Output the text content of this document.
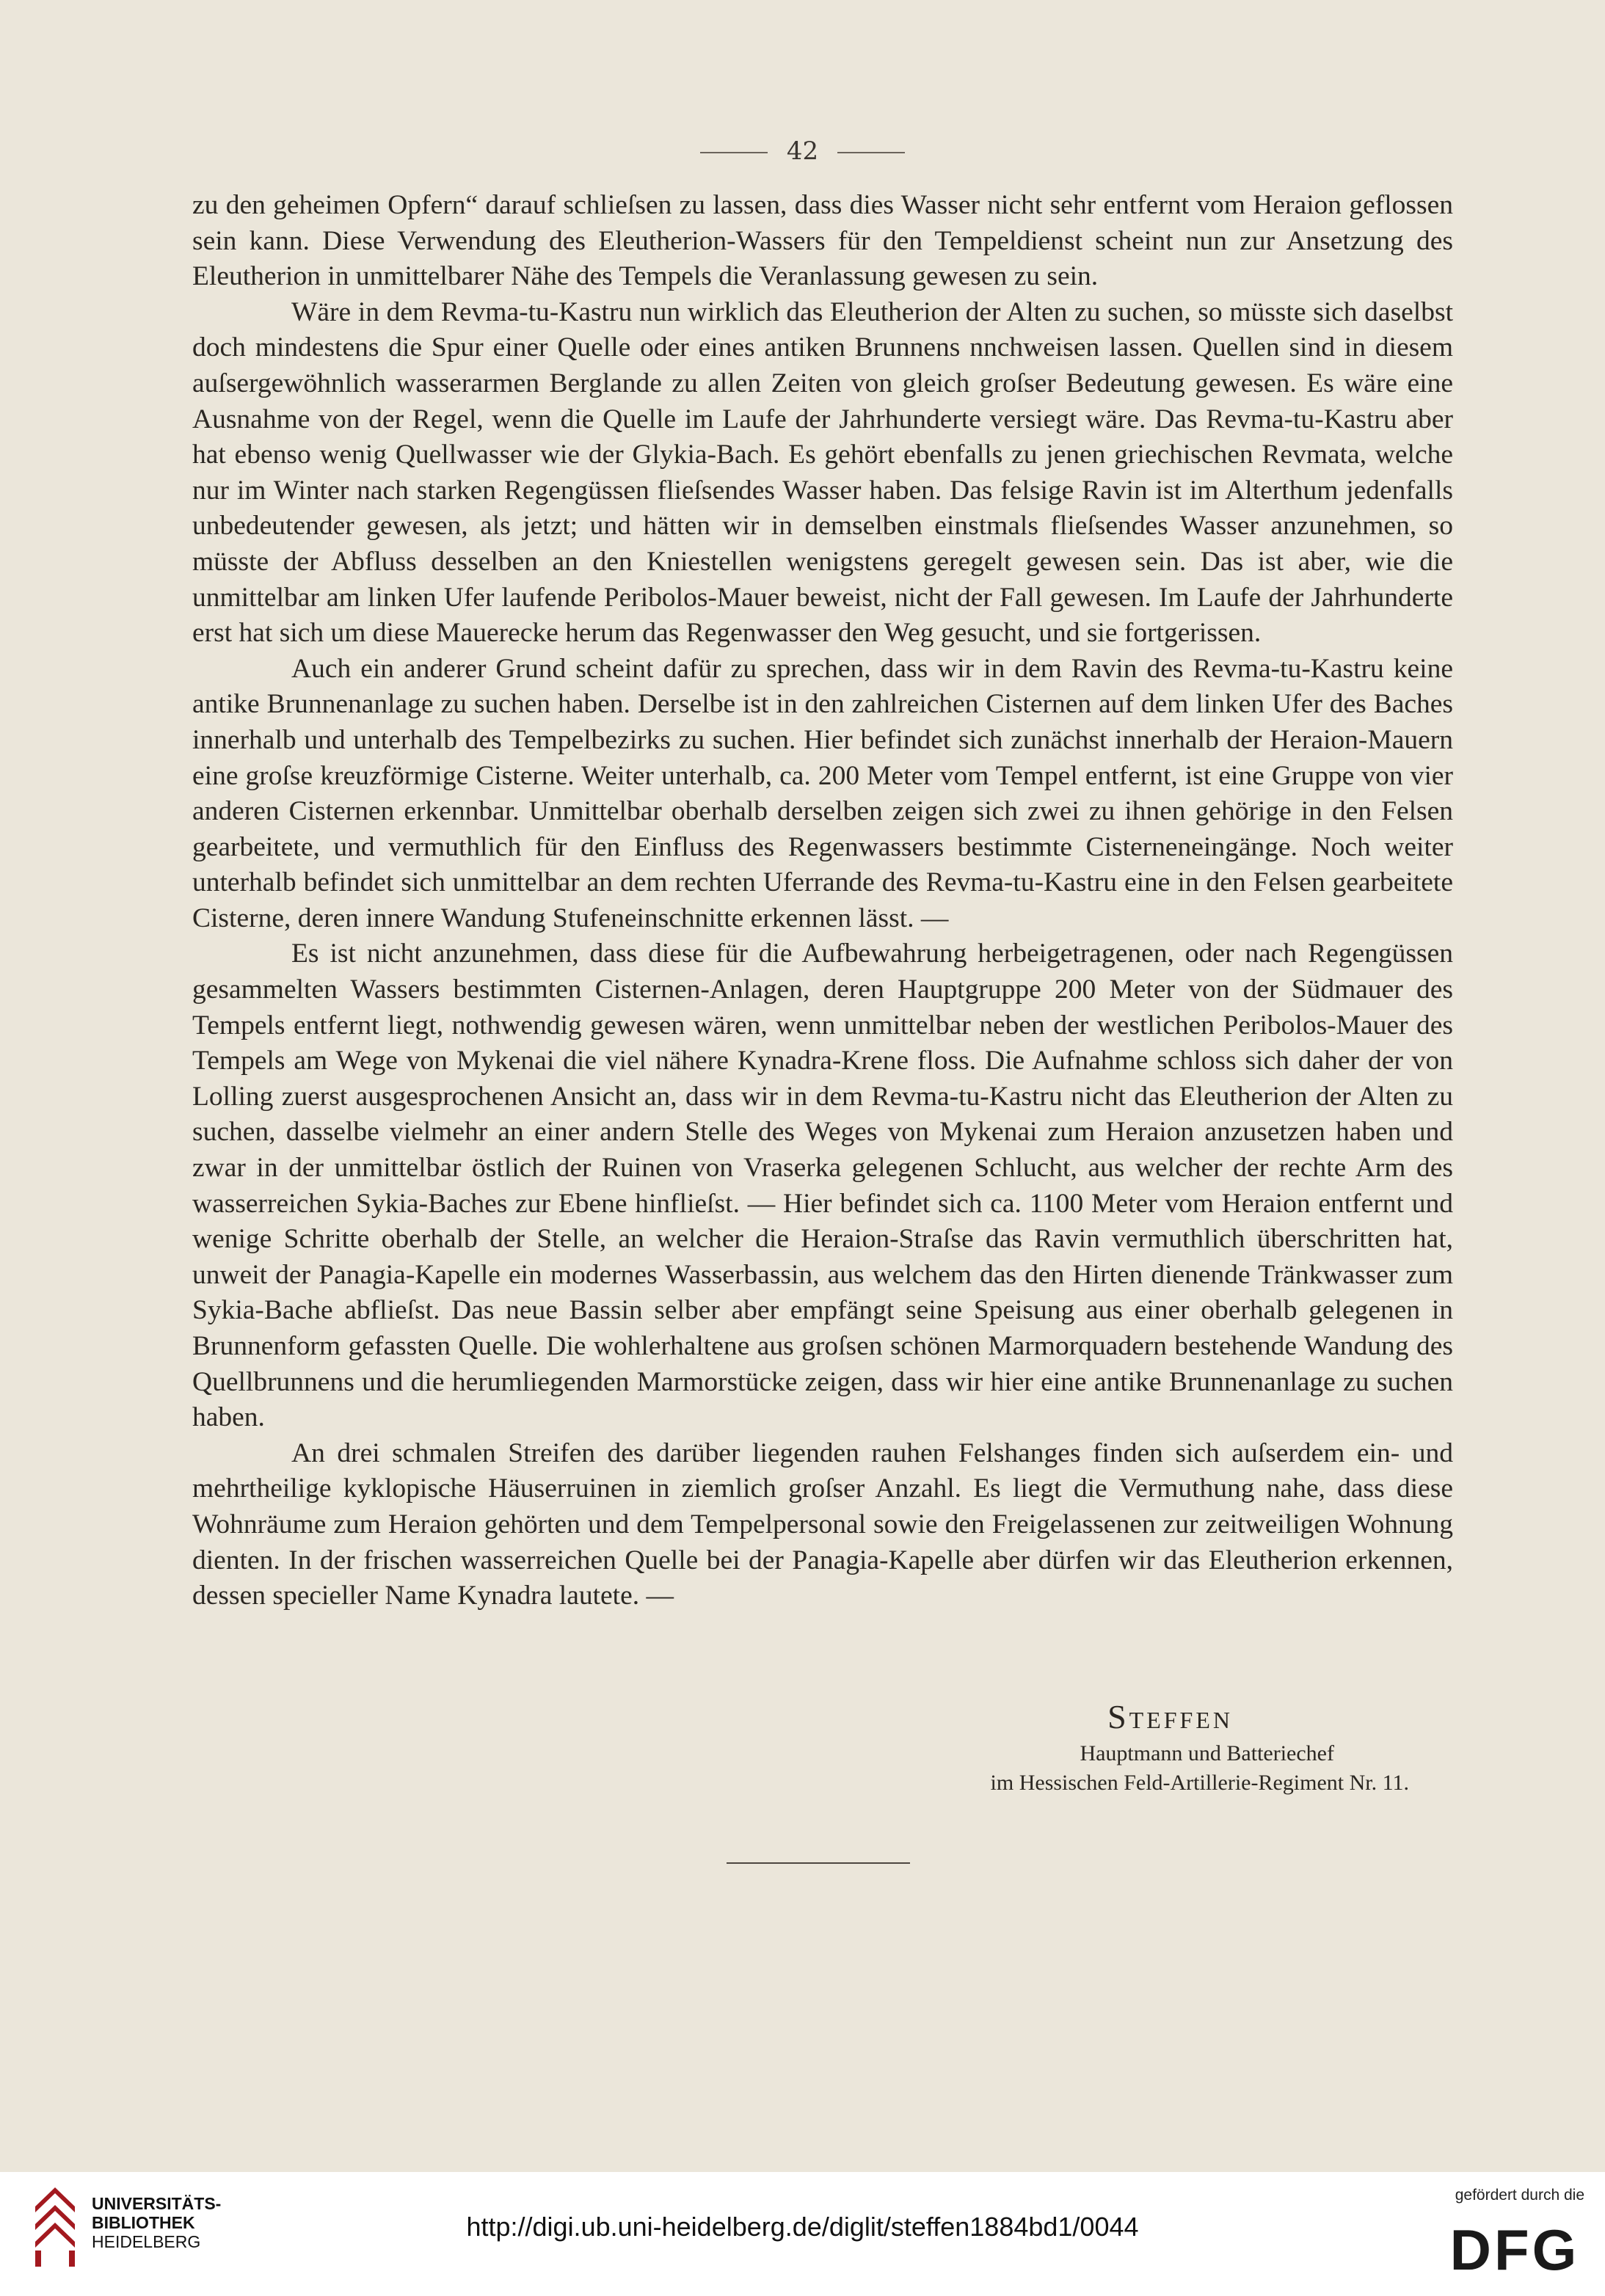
42

zu den geheimen Opfern“ darauf schlieſsen zu lassen, dass dies Wasser nicht sehr entfernt vom Heraion geflossen sein kann. Diese Verwendung des Eleutherion-Wassers für den Tempeldienst scheint nun zur Ansetzung des Eleutherion in unmittelbarer Nähe des Tempels die Veranlassung gewesen zu sein.

Wäre in dem Revma-tu-Kastru nun wirklich das Eleutherion der Alten zu suchen, so müsste sich daselbst doch mindestens die Spur einer Quelle oder eines antiken Brunnens nnchweisen lassen. Quellen sind in diesem auſsergewöhnlich wasserarmen Berglande zu allen Zeiten von gleich groſser Bedeutung gewesen. Es wäre eine Ausnahme von der Regel, wenn die Quelle im Laufe der Jahrhunderte versiegt wäre. Das Revma-tu-Kastru aber hat ebenso wenig Quellwasser wie der Glykia-Bach. Es gehört ebenfalls zu jenen griechischen Revmata, welche nur im Winter nach starken Regengüssen flieſsendes Wasser haben. Das felsige Ravin ist im Alterthum jedenfalls unbedeutender gewesen, als jetzt; und hätten wir in demselben einstmals flieſsendes Wasser anzunehmen, so müsste der Abfluss desselben an den Kniestellen wenigstens geregelt gewesen sein. Das ist aber, wie die unmittelbar am linken Ufer laufende Peribolos-Mauer beweist, nicht der Fall gewesen. Im Laufe der Jahrhunderte erst hat sich um diese Mauerecke herum das Regenwasser den Weg gesucht, und sie fortgerissen.

Auch ein anderer Grund scheint dafür zu sprechen, dass wir in dem Ravin des Revma-tu-Kastru keine antike Brunnenanlage zu suchen haben. Derselbe ist in den zahlreichen Cisternen auf dem linken Ufer des Baches innerhalb und unterhalb des Tempelbezirks zu suchen. Hier befindet sich zunächst innerhalb der Heraion-Mauern eine groſse kreuzförmige Cisterne. Weiter unterhalb, ca. 200 Meter vom Tempel entfernt, ist eine Gruppe von vier anderen Cisternen erkennbar. Unmittelbar oberhalb derselben zeigen sich zwei zu ihnen gehörige in den Felsen gearbeitete, und vermuthlich für den Einfluss des Regenwassers bestimmte Cisterneneingänge. Noch weiter unterhalb befindet sich unmittelbar an dem rechten Uferrande des Revma-tu-Kastru eine in den Felsen gearbeitete Cisterne, deren innere Wandung Stufeneinschnitte erkennen lässt. —

Es ist nicht anzunehmen, dass diese für die Aufbewahrung herbeigetragenen, oder nach Regengüssen gesammelten Wassers bestimmten Cisternen-Anlagen, deren Hauptgruppe 200 Meter von der Südmauer des Tempels entfernt liegt, nothwendig gewesen wären, wenn unmittelbar neben der westlichen Peribolos-Mauer des Tempels am Wege von Mykenai die viel nähere Kynadra-Krene floss. Die Aufnahme schloss sich daher der von Lolling zuerst ausgesprochenen Ansicht an, dass wir in dem Revma-tu-Kastru nicht das Eleutherion der Alten zu suchen, dasselbe vielmehr an einer andern Stelle des Weges von Mykenai zum Heraion anzusetzen haben und zwar in der unmittelbar östlich der Ruinen von Vraserka gelegenen Schlucht, aus welcher der rechte Arm des wasserreichen Sykia-Baches zur Ebene hinflieſst. — Hier befindet sich ca. 1100 Meter vom Heraion entfernt und wenige Schritte oberhalb der Stelle, an welcher die Heraion-Straſse das Ravin vermuthlich überschritten hat, unweit der Panagia-Kapelle ein modernes Wasserbassin, aus welchem das den Hirten dienende Tränkwasser zum Sykia-Bache abflieſst. Das neue Bassin selber aber empfängt seine Speisung aus einer oberhalb gelegenen in Brunnenform gefassten Quelle. Die wohlerhaltene aus groſsen schönen Marmorquadern bestehende Wandung des Quellbrunnens und die herumliegenden Marmorstücke zeigen, dass wir hier eine antike Brunnenanlage zu suchen haben.

An drei schmalen Streifen des darüber liegenden rauhen Felshanges finden sich auſserdem ein- und mehrtheilige kyklopische Häuserruinen in ziemlich groſser Anzahl. Es liegt die Vermuthung nahe, dass diese Wohnräume zum Heraion gehörten und dem Tempelpersonal sowie den Freigelassenen zur zeitweiligen Wohnung dienten. In der frischen wasserreichen Quelle bei der Panagia-Kapelle aber dürfen wir das Eleutherion erkennen, dessen specieller Name Kynadra lautete. —

Steffen
Hauptmann und Batteriechef
im Hessischen Feld-Artillerie-Regiment Nr. 11.
UNIVERSITÄTS-
BIBLIOTHEK
HEIDELBERG	http://digi.ub.uni-heidelberg.de/diglit/steffen1884bd1/0044
gefördert durch die
DFG
